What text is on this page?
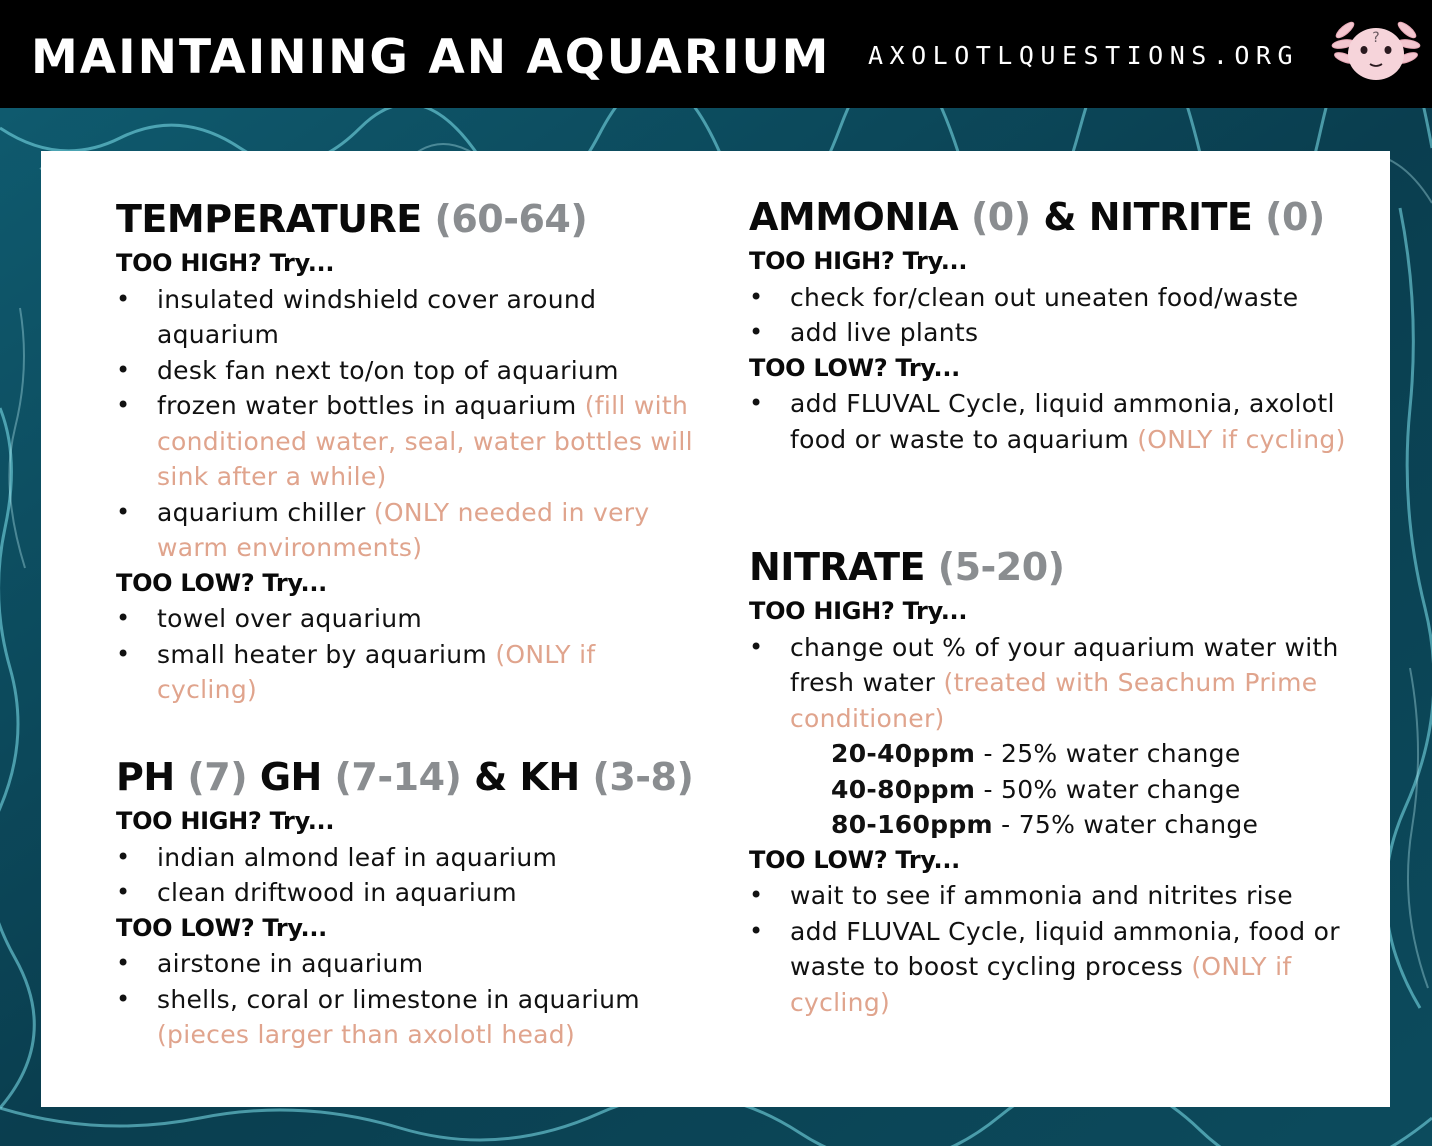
MAINTAINING AN AQUARIUM AXOLOTLQUESTIONS.ORG
?
TEMPERATURE (60-64)
TOO HIGH? Try...
• insulated windshield cover around aquarium
• desk fan next to/on top of aquarium
• frozen water bottles in aquarium (fill with conditioned water, seal, water bottles will sink after a while)
• aquarium chiller (ONLY needed in very warm environments)
TOO LOW? Try...
• towel over aquarium
• small heater by aquarium (ONLY if cycling)
PH (7) GH (7-14) & KH (3-8)
TOO HIGH? Try...
• indian almond leaf in aquarium
• clean driftwood in aquarium
TOO LOW? Try...
• airstone in aquarium
• shells, coral or limestone in aquarium (pieces larger than axolotl head)
AMMONIA (0) & NITRITE (0)
TOO HIGH? Try...
• check for/clean out uneaten food/waste
• add live plants
TOO LOW? Try...
• add FLUVAL Cycle, liquid ammonia, axolotl food or waste to aquarium (ONLY if cycling)
NITRATE (5-20)
TOO HIGH? Try...
• change out % of your aquarium water with fresh water (treated with Seachum Prime conditioner)
20-40ppm - 25% water change
40-80ppm - 50% water change
80-160ppm - 75% water change
TOO LOW? Try...
• wait to see if ammonia and nitrites rise
• add FLUVAL Cycle, liquid ammonia, food or waste to boost cycling process (ONLY if cycling)
